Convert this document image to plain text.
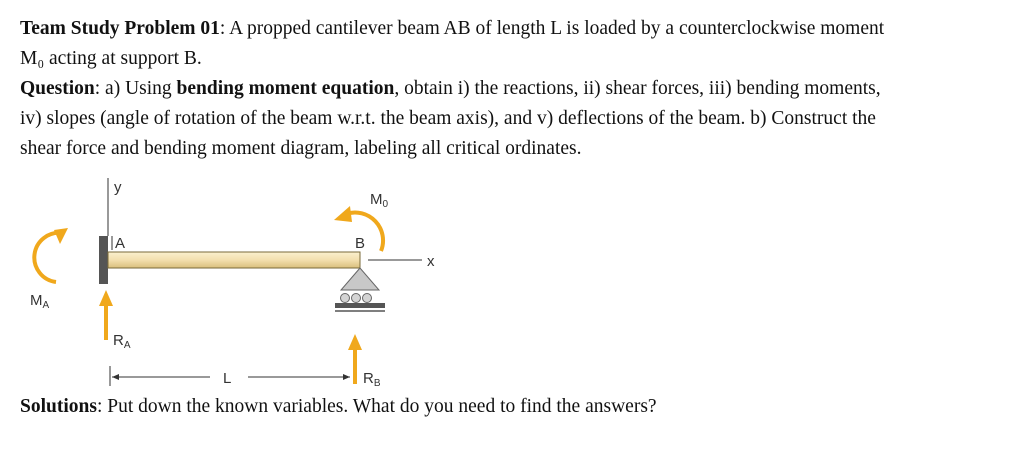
Team Study Problem 01: A propped cantilever beam AB of length L is loaded by a counterclockwise moment
M₀ acting at support B.
Question: a) Using bending moment equation, obtain i) the reactions, ii) shear forces, iii) bending moments,
iv) slopes (angle of rotation of the beam w.r.t. the beam axis), and v) deflections of the beam. b) Construct the
shear force and bending moment diagram, labeling all critical ordinates.
y
A	B
x
$M_0$
$M_A$
$R_A$
$R_B$
L
Solutions: Put down the known variables. What do you need to find the answers?
